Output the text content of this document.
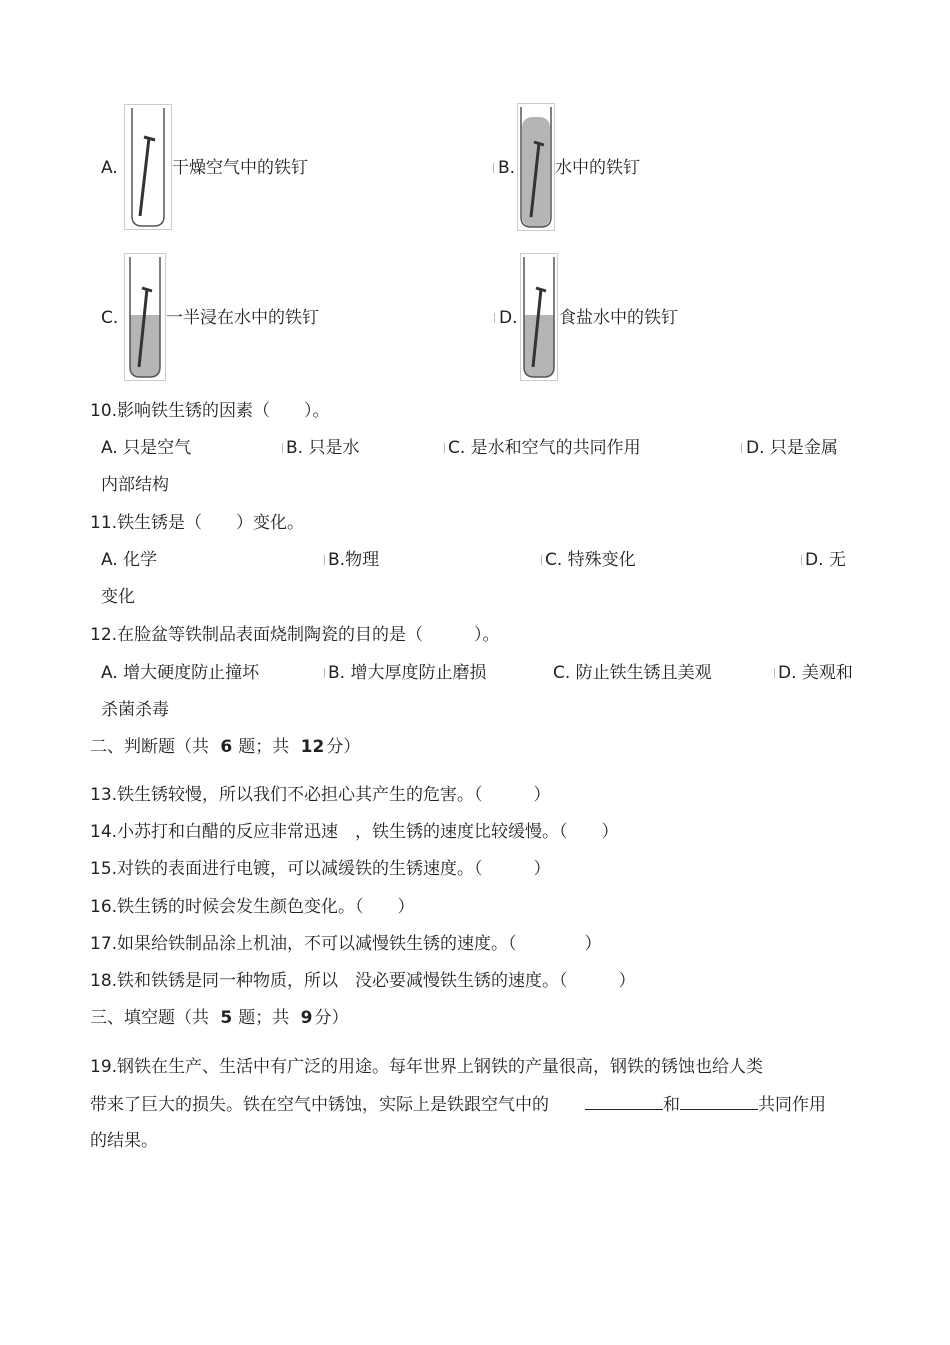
A.	干燥空气中的铁钉	B. 水中的铁钉
C.	一半浸在水中的铁钉	D. 食盐水中的铁钉
10.影响铁生锈的因素（　　）。
A. 只是空气	B. 只是水	C. 是水和空气的共同作用	D. 只是金属
内部结构
11.铁生锈是（　　）变化。
A. 化学	B.物理	C. 特殊变化	D. 无
变化
12.在脸盆等铁制品表面烧制陶瓷的目的是（　　　）。
A. 增大硬度防止撞坏	B. 增大厚度防止磨损	C. 防止铁生锈且美观	D. 美观和
杀菌杀毒
二、判断题（共 6 题；共 12 分）
13.铁生锈较慢，所以我们不必担心其产生的危害。（　　　）
14.小苏打和白醋的反应非常迅速　，铁生锈的速度比较缓慢。（　　）
15.对铁的表面进行电镀，可以减缓铁的生锈速度。（　　　）
16.铁生锈的时候会发生颜色变化。（　　）
17.如果给铁制品涂上机油，不可以减慢铁生锈的速度。（　　　　）
18.铁和铁锈是同一种物质，所以　没必要减慢铁生锈的速度。（　　　）
三、填空题（共 5 题；共 9 分）
19.钢铁在生产、生活中有广泛的用途。每年世界上钢铁的产量很高，钢铁的锈蚀也给人类
带来了巨大的损失。铁在空气中锈蚀，实际上是铁跟空气中的	和	共同作用
的结果。
